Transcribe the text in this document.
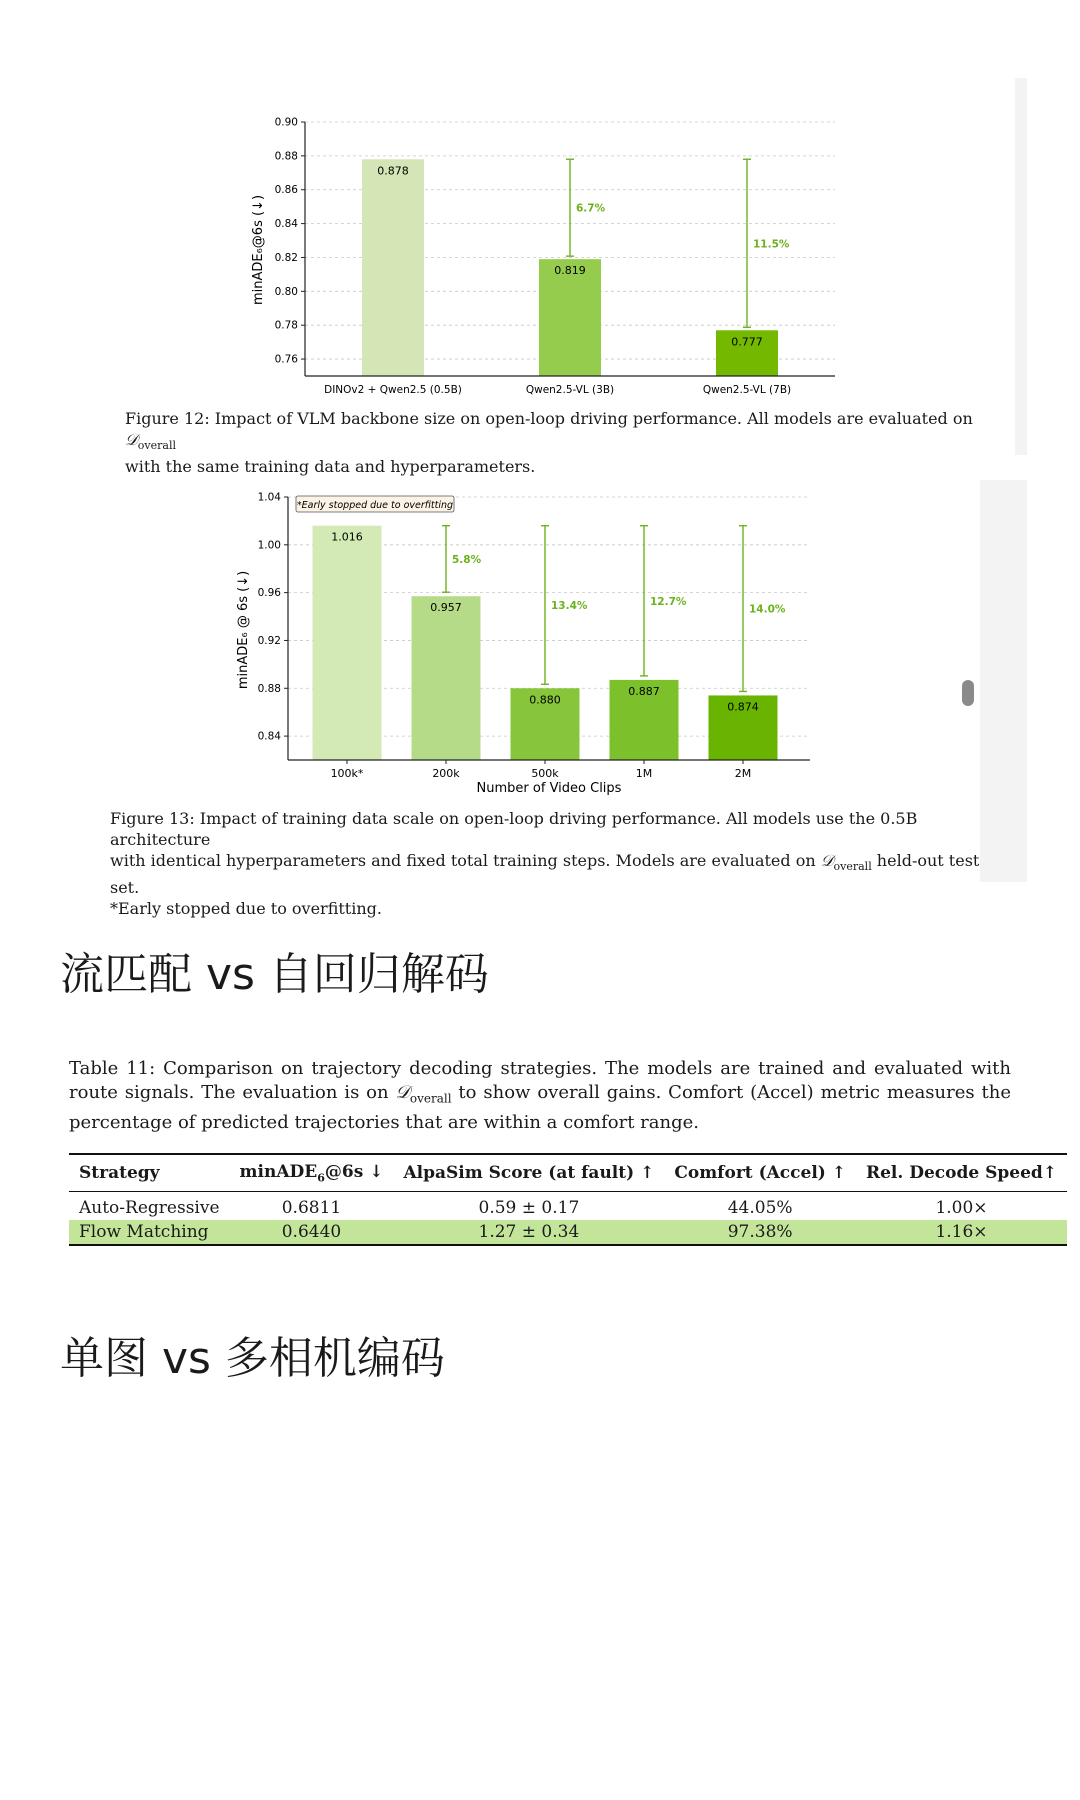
0.878
0.819
6.7%
0.777
11.5%
0.76
0.78
0.80
0.82
0.84
0.86
0.88
0.90
minADE₆@6s (↓)
DINOv2 + Qwen2.5 (0.5B)	Qwen2.5-VL (3B)	Qwen2.5-VL (7B)
Figure 12: Impact of VLM backbone size on open-loop driving performance. All models are evaluated on 𝒟$_{overall}$
with the same training data and hyperparameters.
1.016
0.957
5.8%
0.880
13.4%
0.887
12.7%
0.874
14.0%
0.84
0.88
0.92
0.96
1.00
1.04
100k*	200k	500k	1M	2M
minADE₆ @ 6s (↓)
Number of Video Clips
*Early stopped due to overfitting
Figure 13: Impact of training data scale on open-loop driving performance. All models use the 0.5B architecture
with identical hyperparameters and fixed total training steps. Models are evaluated on 𝒟$_{overall}$ held-out test set.
*Early stopped due to overfitting.
流匹配 vs 自回归解码
Table 11: Comparison on trajectory decoding strategies. The models are trained and evaluated with route signals. The evaluation is on 𝒟$_{overall}$ to show overall gains. Comfort (Accel) metric measures the percentage of predicted trajectories that are within a comfort range.
Strategy	minADE$_6$@6s ↓	AlpaSim Score (at fault) ↑	Comfort (Accel) ↑	Rel. Decode Speed↑
Auto-Regressive	0.6811	0.59 ± 0.17	44.05%	1.00×
Flow Matching	0.6440	1.27 ± 0.34	97.38%	1.16×
单图 vs 多相机编码
